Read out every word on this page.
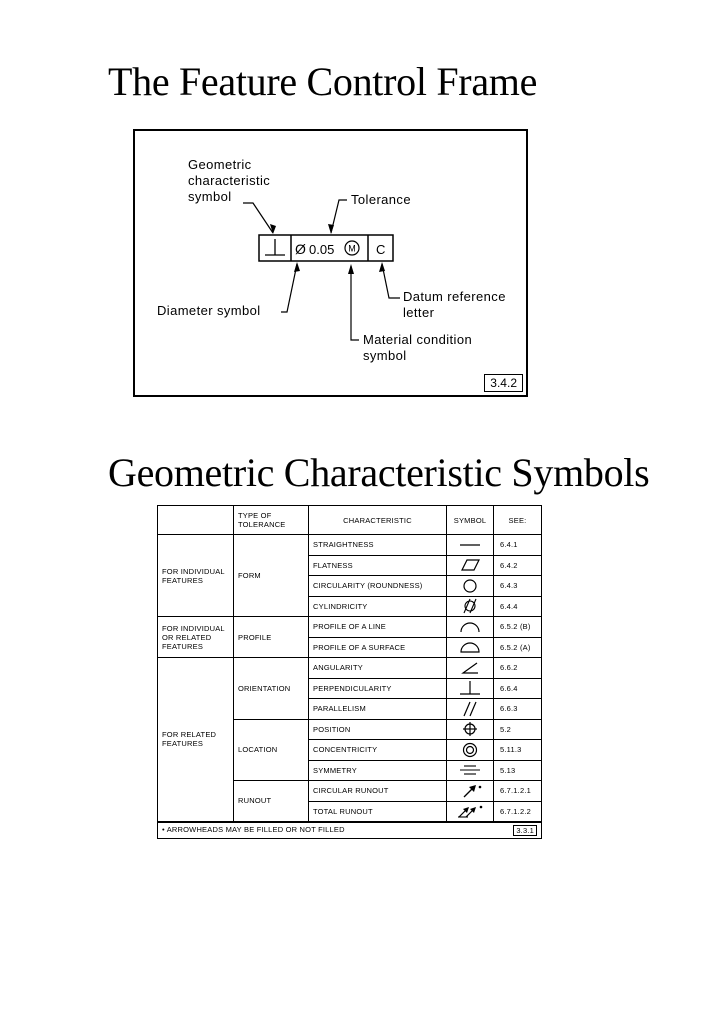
The Feature Control Frame
Ø 0.05 M C
Geometric
characteristic
symbol	Tolerance
Diameter symbol
Datum reference
letter
Material condition
symbol
3.4.2
Geometric Characteristic Symbols
	TYPE OF TOLERANCE	CHARACTERISTIC	SYMBOL	SEE:
FOR INDIVIDUAL FEATURES	FORM	STRAIGHTNESS		6.4.1
		FLATNESS		6.4.2
		CIRCULARITY (ROUNDNESS)		6.4.3
		CYLINDRICITY		6.4.4
FOR INDIVIDUAL OR RELATED FEATURES	PROFILE	PROFILE OF A LINE		6.5.2 (B)
		PROFILE OF A SURFACE		6.5.2 (A)
FOR RELATED FEATURES	ORIENTATION	ANGULARITY		6.6.2
		PERPENDICULARITY		6.6.4
		PARALLELISM		6.6.3
	LOCATION	POSITION		5.2
		CONCENTRICITY		5.11.3
		SYMMETRY		5.13
	RUNOUT	CIRCULAR RUNOUT		6.7.1.2.1
		TOTAL RUNOUT		6.7.1.2.2
• ARROWHEADS MAY BE FILLED OR NOT FILLED 3.3.1				
